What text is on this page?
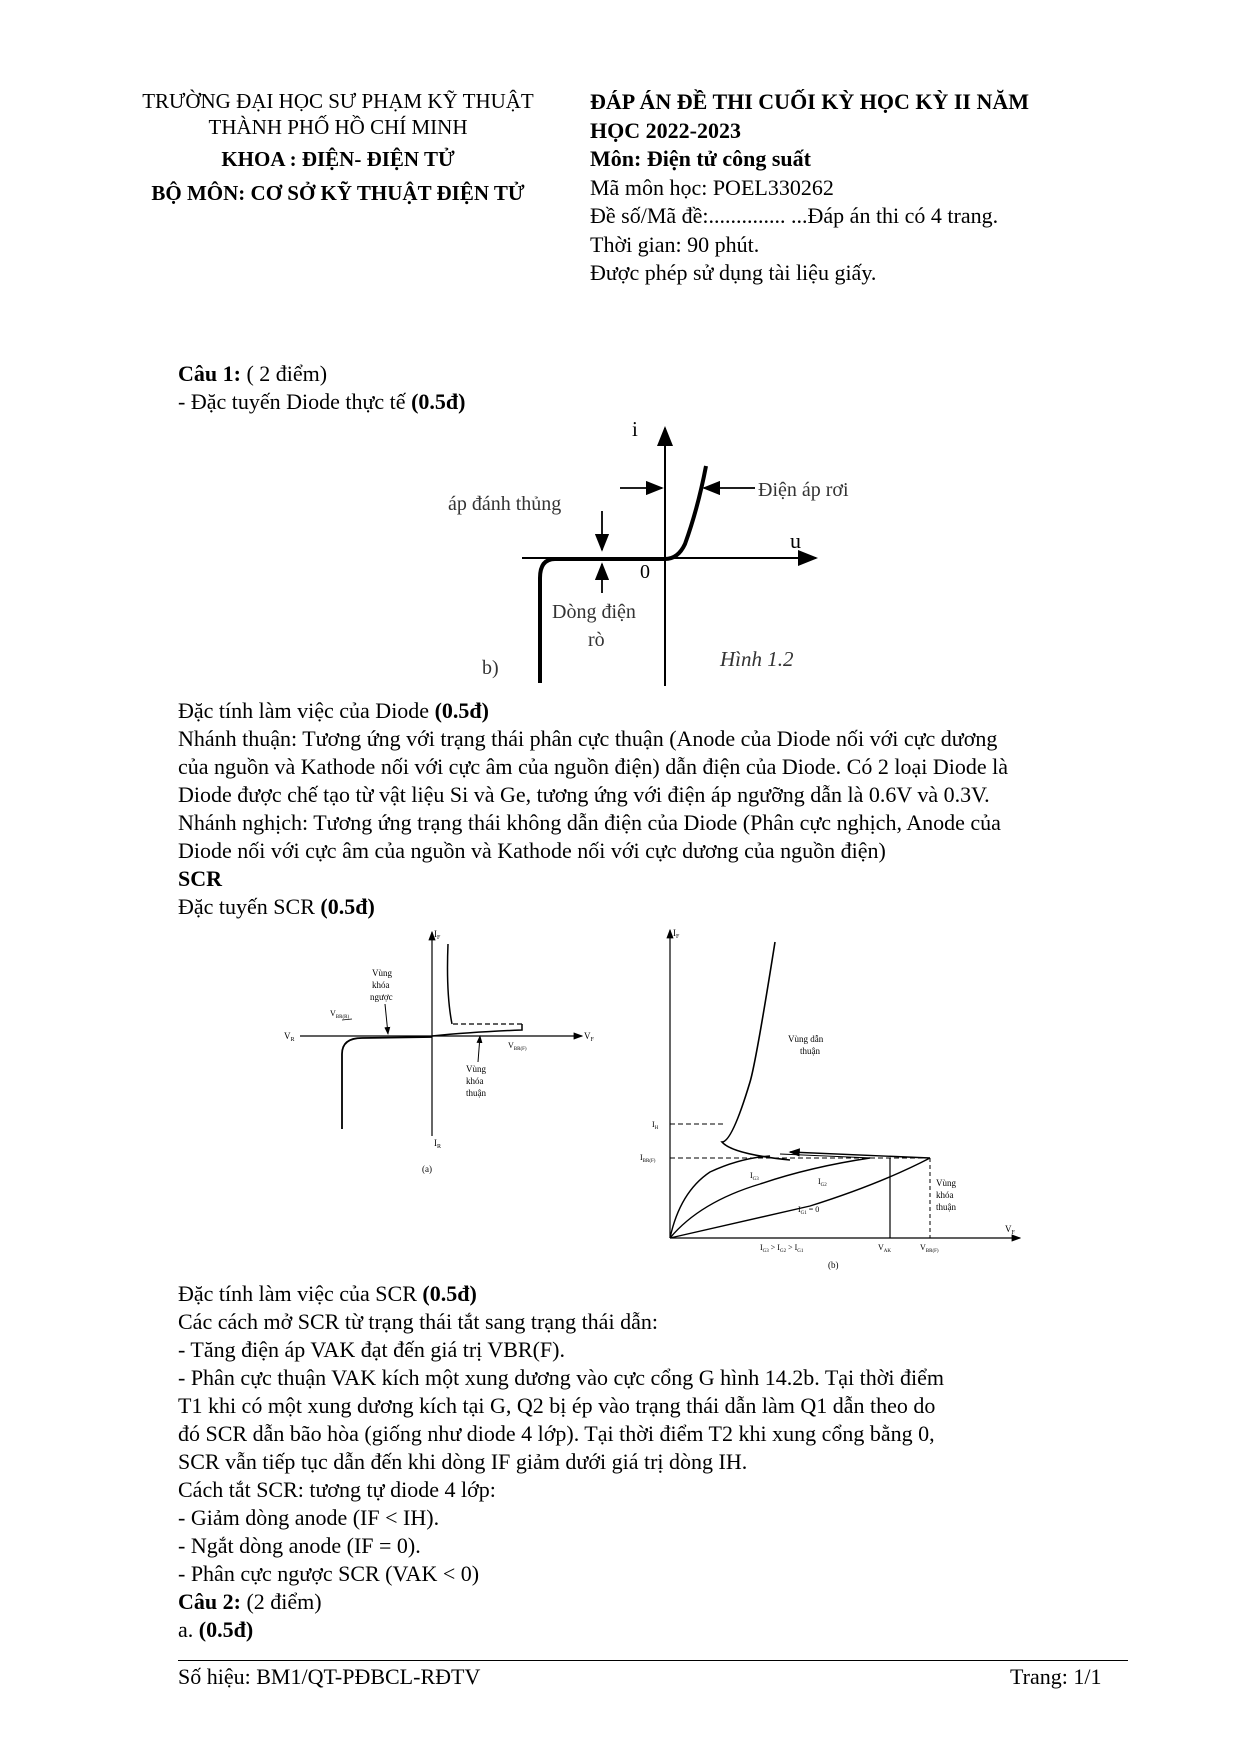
TRƯỜNG ĐẠI HỌC SƯ PHẠM KỸ THUẬT
THÀNH PHỐ HỒ CHÍ MINH
KHOA : ĐIỆN- ĐIỆN TỬ
BỘ MÔN: CƠ SỞ KỸ THUẬT ĐIỆN TỬ
ĐÁP ÁN ĐỀ THI CUỐI KỲ HỌC KỲ II NĂM
HỌC 2022-2023
Môn: Điện tử công suất
Mã môn học: POEL330262
Đề số/Mã đề:.............. ...Đáp án thi có 4 trang.
Thời gian: 90 phút.
Được phép sử dụng tài liệu giấy.
Câu 1: ( 2 điểm)
- Đặc tuyến Diode thực tế (0.5đ)
i
u
0
áp đánh thủng
Điện áp rơi
Dòng điện
rò
b)	Hình 1.2
Đặc tính làm việc của Diode (0.5đ)
Nhánh thuận: Tương ứng với trạng thái phân cực thuận (Anode của Diode nối với cực dương
của nguồn và Kathode nối với cực âm của nguồn điện) dẫn điện của Diode. Có 2 loại Diode là
Diode được chế tạo từ vật liệu Si và Ge, tương ứng với điện áp ngưỡng dẫn là 0.6V và 0.3V.
Nhánh nghịch: Tương ứng trạng thái không dẫn điện của Diode (Phân cực nghịch, Anode của
Diode nối với cực âm của nguồn và Kathode nối với cực dương của nguồn điện)
SCR
Đặc tuyến SCR (0.5đ)
$I_F$
$I_R$
$V_R$	$V_F$
$V_{BR(R)}$
$V_{BR(F)}$
Vùng
khóa
ngược
Vùng
khóa
thuận
(a)
$I_F$
$V_F$
$I_H$
$I_{BR(F)}$
Vùng dẫn
thuận
Vùng
khóa
thuận
$I_{G3}$	$I_{G2}$
$I_{G1} = 0$
$I_{G3} > I_{G2} > I_{G1}$	$V_{AK}$	$V_{BR(F)}$
(b)
Đặc tính làm việc của SCR (0.5đ)
Các cách mở SCR từ trạng thái tắt sang trạng thái dẫn:
- Tăng điện áp VAK đạt đến giá trị VBR(F).
- Phân cực thuận VAK kích một xung dương vào cực cổng G hình 14.2b. Tại thời điểm
T1 khi có một xung dương kích tại G, Q2 bị ép vào trạng thái dẫn làm Q1 dẫn theo do
đó SCR dẫn bão hòa (giống như diode 4 lớp). Tại thời điểm T2 khi xung cổng bằng 0,
SCR vẫn tiếp tục dẫn đến khi dòng IF giảm dưới giá trị dòng IH.
Cách tắt SCR: tương tự diode 4 lớp:
- Giảm dòng anode (IF < IH).
- Ngắt dòng anode (IF = 0).
- Phân cực ngược SCR (VAK < 0)
Câu 2: (2 điểm)
a. (0.5đ)
Số hiệu: BM1/QT-PĐBCL-RĐTV	Trang: 1/1
